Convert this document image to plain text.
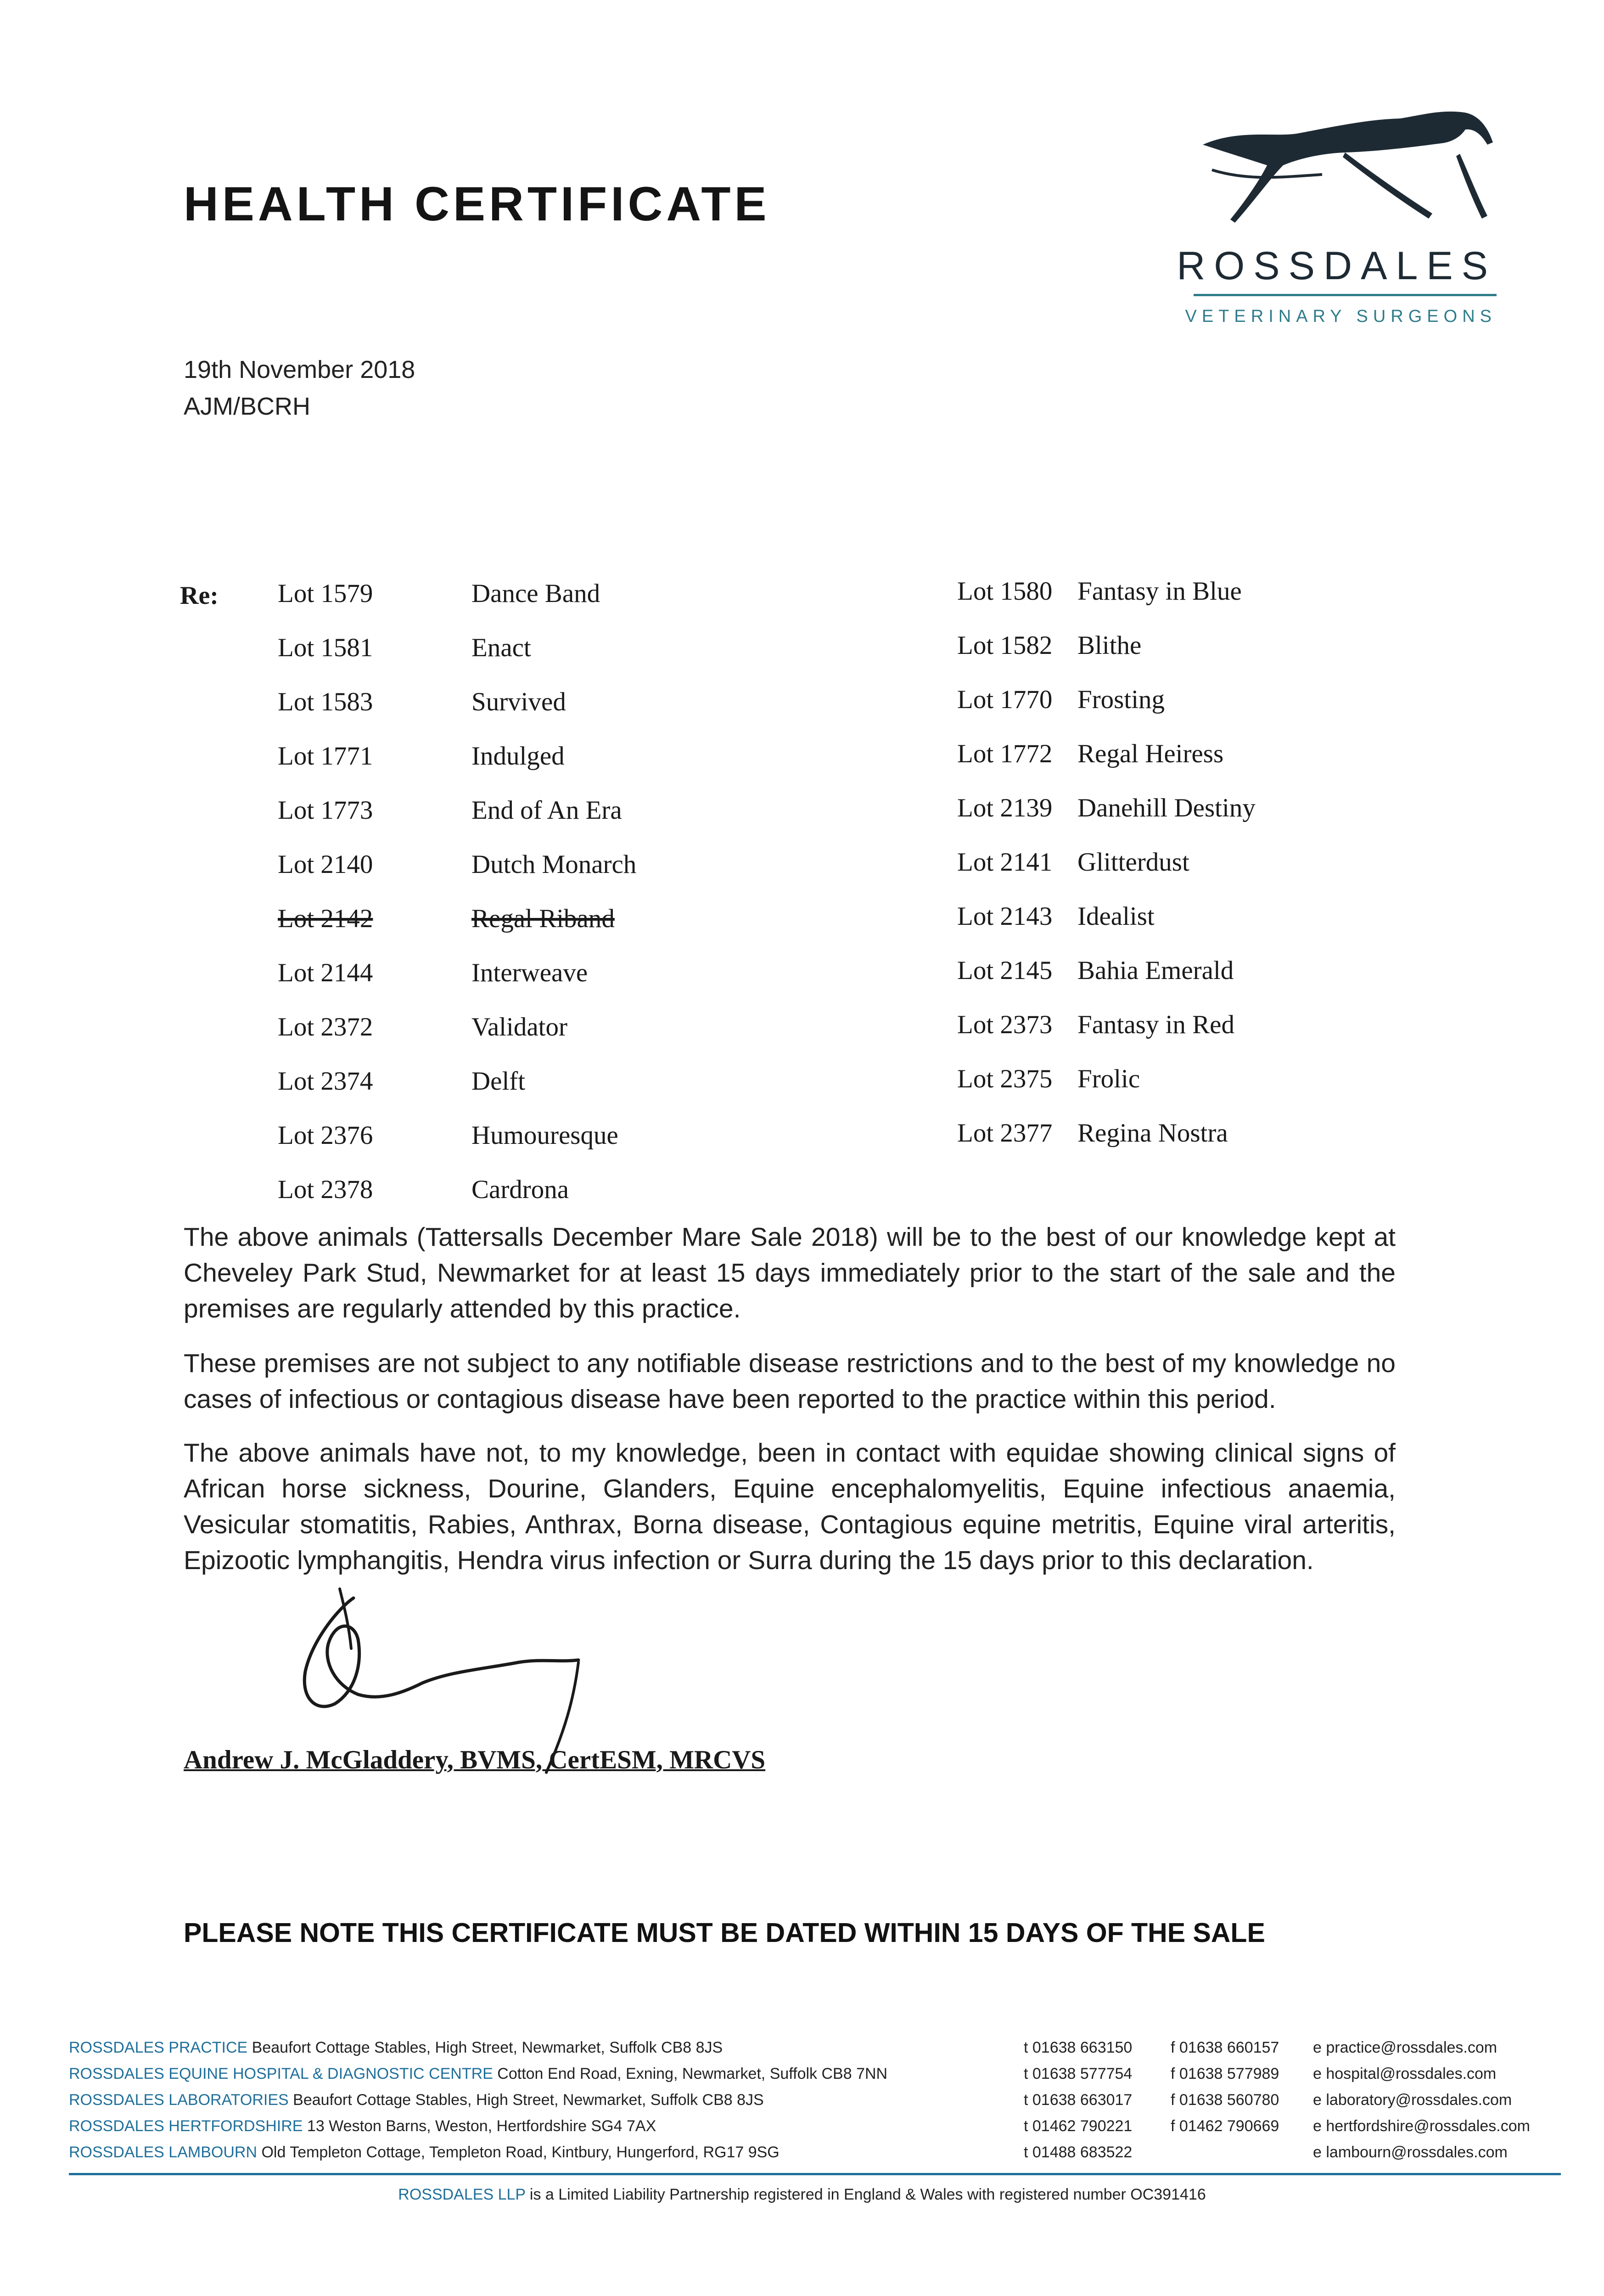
HEALTH CERTIFICATE
ROSSDALES
VETERINARY SURGEONS
19th November 2018
AJM/BCRH
Re: Lot 1579	Dance Band
Lot 1581	Enact
Lot 1583	Survived
Lot 1771	Indulged
Lot 1773	End of An Era
Lot 2140	Dutch Monarch
Lot 2142	Regal Riband
Lot 2144	Interweave
Lot 2372	Validator
Lot 2374	Delft
Lot 2376	Humouresque
Lot 2378	Cardrona
Lot 1580 Fantasy in Blue
Lot 1582 Blithe
Lot 1770 Frosting
Lot 1772 Regal Heiress
Lot 2139 Danehill Destiny
Lot 2141 Glitterdust
Lot 2143 Idealist
Lot 2145 Bahia Emerald
Lot 2373 Fantasy in Red
Lot 2375 Frolic
Lot 2377 Regina Nostra

The above animals (Tattersalls December Mare Sale 2018) will be to the best of our knowledge kept at Cheveley Park Stud, Newmarket for at least 15 days immediately prior to the start of the sale and the premises are regularly attended by this practice.

These premises are not subject to any notifiable disease restrictions and to the best of my knowledge no cases of infectious or contagious disease have been reported to the practice within this period.

The above animals have not, to my knowledge, been in contact with equidae showing clinical signs of African horse sickness, Dourine, Glanders, Equine encephalomyelitis, Equine infectious anaemia, Vesicular stomatitis, Rabies, Anthrax, Borna disease, Contagious equine metritis, Equine viral arteritis, Epizootic lymphangitis, Hendra virus infection or Surra during the 15 days prior to this declaration.

Andrew J. McGladdery, BVMS, CertESM, MRCVS
PLEASE NOTE THIS CERTIFICATE MUST BE DATED WITHIN 15 DAYS OF THE SALE
ROSSDALES PRACTICE Beaufort Cottage Stables, High Street, Newmarket, Suffolk CB8 8JS	t 01638 663150 f 01638 660157 e practice@rossdales.com
ROSSDALES EQUINE HOSPITAL & DIAGNOSTIC CENTRE Cotton End Road, Exning, Newmarket, Suffolk CB8 7NN	t 01638 577754 f 01638 577989 e hospital@rossdales.com
ROSSDALES LABORATORIES Beaufort Cottage Stables, High Street, Newmarket, Suffolk CB8 8JS	t 01638 663017 f 01638 560780 e laboratory@rossdales.com
ROSSDALES HERTFORDSHIRE 13 Weston Barns, Weston, Hertfordshire SG4 7AX	t 01462 790221 f 01462 790669 e hertfordshire@rossdales.com
ROSSDALES LAMBOURN Old Templeton Cottage, Templeton Road, Kintbury, Hungerford, RG17 9SG	t 01488 683522	e lambourn@rossdales.com
ROSSDALES LLP is a Limited Liability Partnership registered in England & Wales with registered number OC391416
